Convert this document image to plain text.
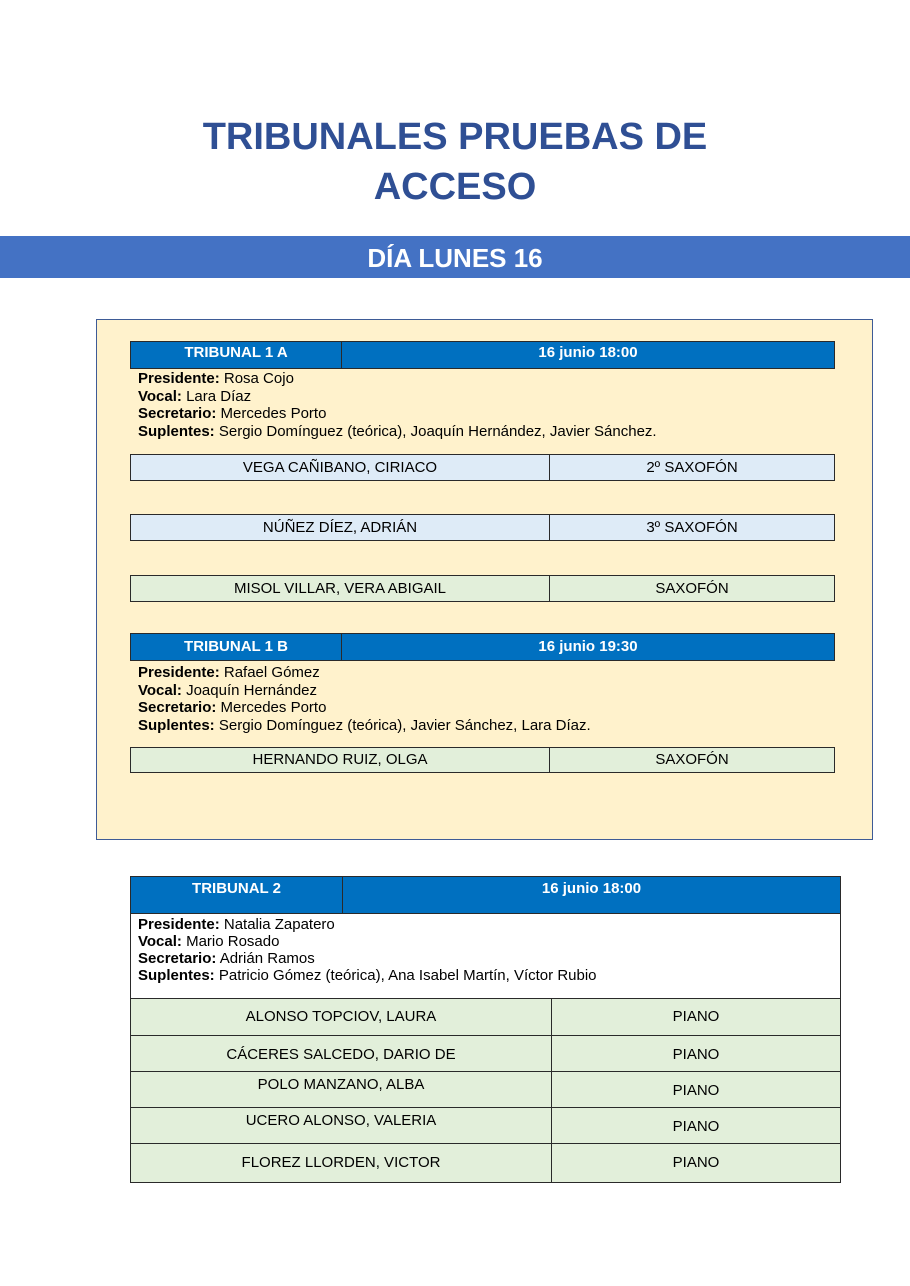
TRIBUNALES PRUEBAS DE
ACCESO
DÍA LUNES 16
TRIBUNAL 1 A	16 junio 18:00
Presidente: Rosa Cojo
Vocal: Lara Díaz
Secretario: Mercedes Porto
Suplentes: Sergio Domínguez (teórica), Joaquín Hernández, Javier Sánchez.
VEGA CAÑIBANO, CIRIACO	2º SAXOFÓN
NÚÑEZ DÍEZ, ADRIÁN	3º SAXOFÓN
MISOL VILLAR, VERA ABIGAIL	SAXOFÓN
TRIBUNAL 1 B	16 junio 19:30
Presidente: Rafael Gómez
Vocal: Joaquín Hernández
Secretario: Mercedes Porto
Suplentes: Sergio Domínguez (teórica), Javier Sánchez, Lara Díaz.
HERNANDO RUIZ, OLGA	SAXOFÓN
TRIBUNAL 2	16 junio 18:00
Presidente: Natalia Zapatero
Vocal: Mario Rosado
Secretario: Adrián Ramos
Suplentes: Patricio Gómez (teórica), Ana Isabel Martín, Víctor Rubio
ALONSO TOPCIOV, LAURA	PIANO
CÁCERES SALCEDO, DARIO DE	PIANO
POLO MANZANO, ALBA	PIANO
UCERO ALONSO, VALERIA	PIANO
FLOREZ LLORDEN, VICTOR	PIANO
